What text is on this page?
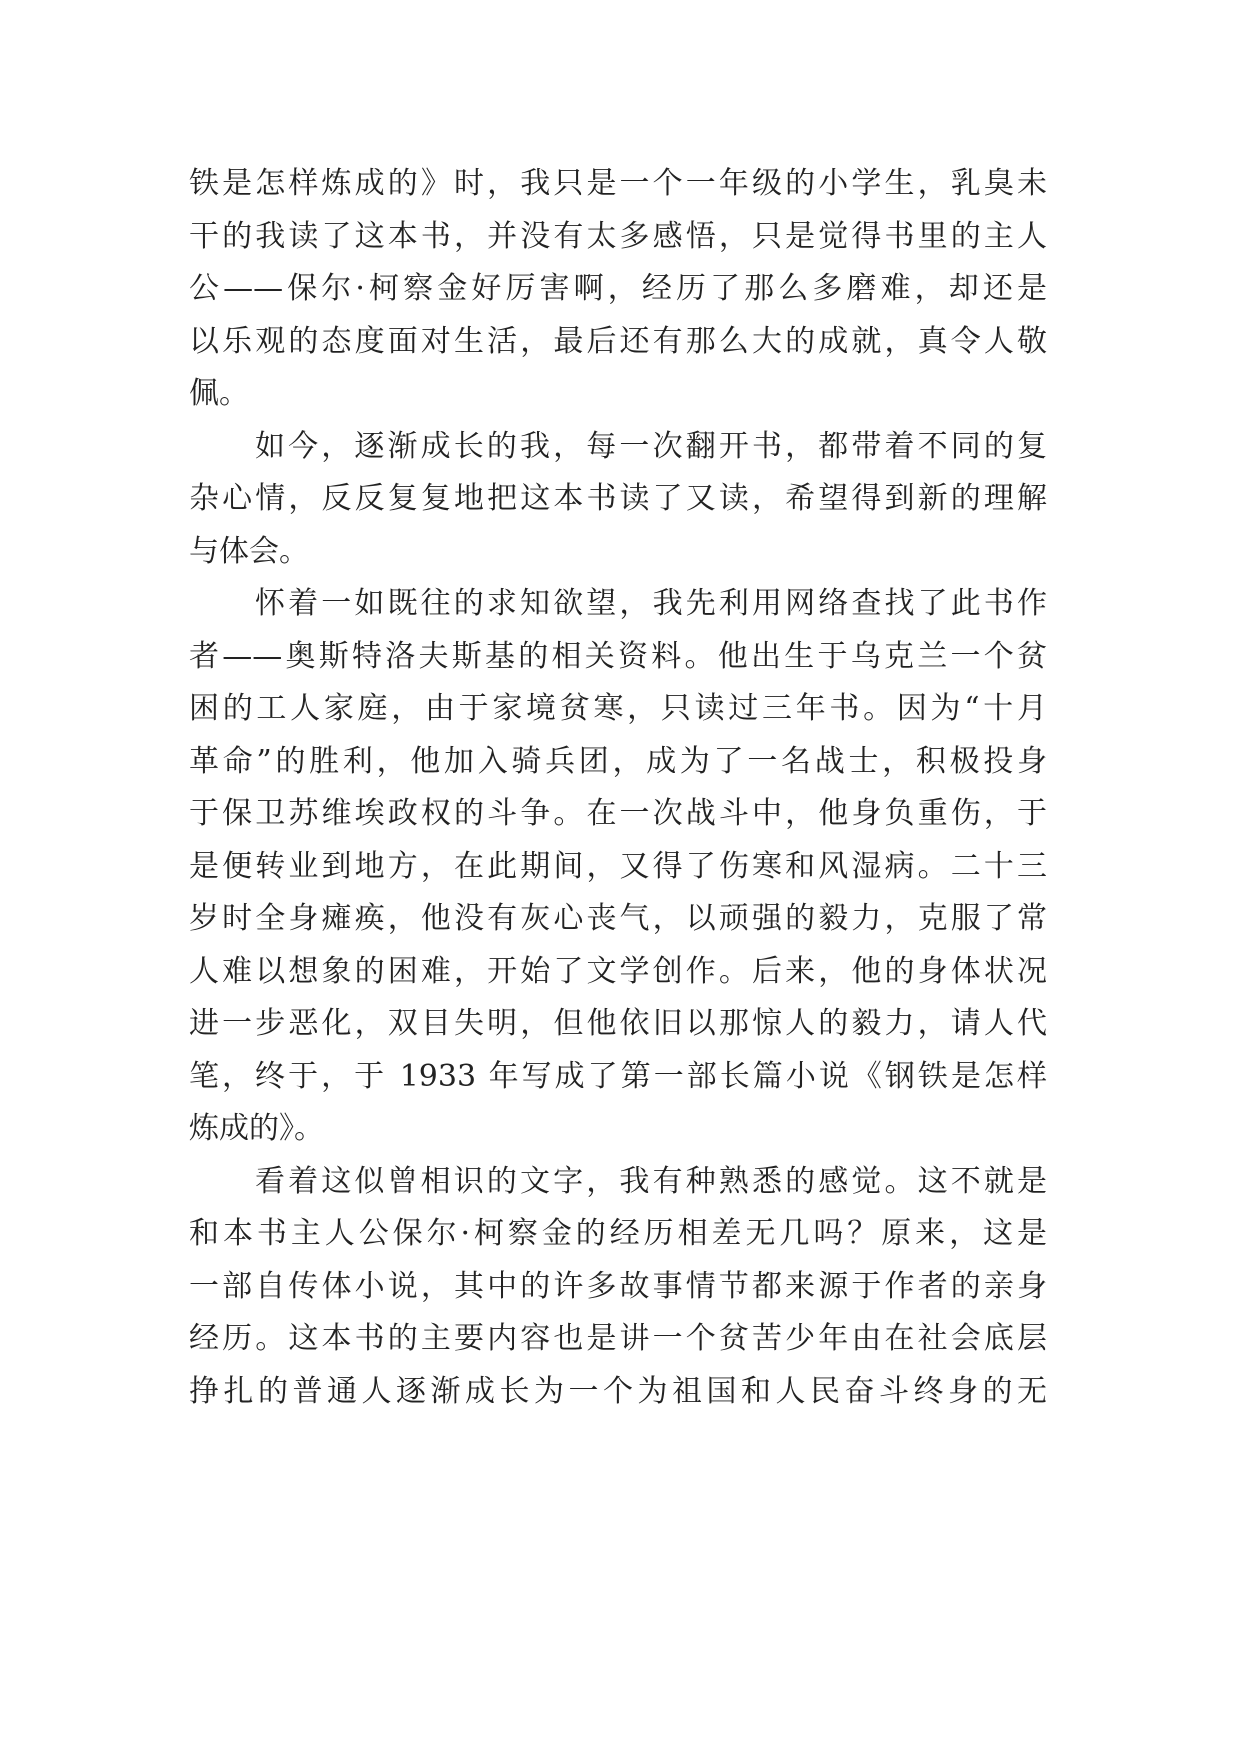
铁是怎样炼成的》时，我只是一个一年级的小学生，乳臭未
干的我读了这本书，并没有太多感悟，只是觉得书里的主人
公——保尔·柯察金好厉害啊，经历了那么多磨难，却还是
以乐观的态度面对生活，最后还有那么大的成就，真令人敬
佩。
如今，逐渐成长的我，每一次翻开书，都带着不同的复
杂心情，反反复复地把这本书读了又读，希望得到新的理解
与体会。
怀着一如既往的求知欲望，我先利用网络查找了此书作
者——奥斯特洛夫斯基的相关资料。他出生于乌克兰一个贫
困的工人家庭，由于家境贫寒，只读过三年书。因为“十月
革命”的胜利，他加入骑兵团，成为了一名战士，积极投身
于保卫苏维埃政权的斗争。在一次战斗中，他身负重伤，于
是便转业到地方，在此期间，又得了伤寒和风湿病。二十三
岁时全身瘫痪，他没有灰心丧气，以顽强的毅力，克服了常
人难以想象的困难，开始了文学创作。后来，他的身体状况
进一步恶化，双目失明，但他依旧以那惊人的毅力，请人代
笔，终于，于 1933 年写成了第一部长篇小说《钢铁是怎样
炼成的》。
看着这似曾相识的文字，我有种熟悉的感觉。这不就是
和本书主人公保尔·柯察金的经历相差无几吗？原来，这是
一部自传体小说，其中的许多故事情节都来源于作者的亲身
经历。这本书的主要内容也是讲一个贫苦少年由在社会底层
挣扎的普通人逐渐成长为一个为祖国和人民奋斗终身的无
